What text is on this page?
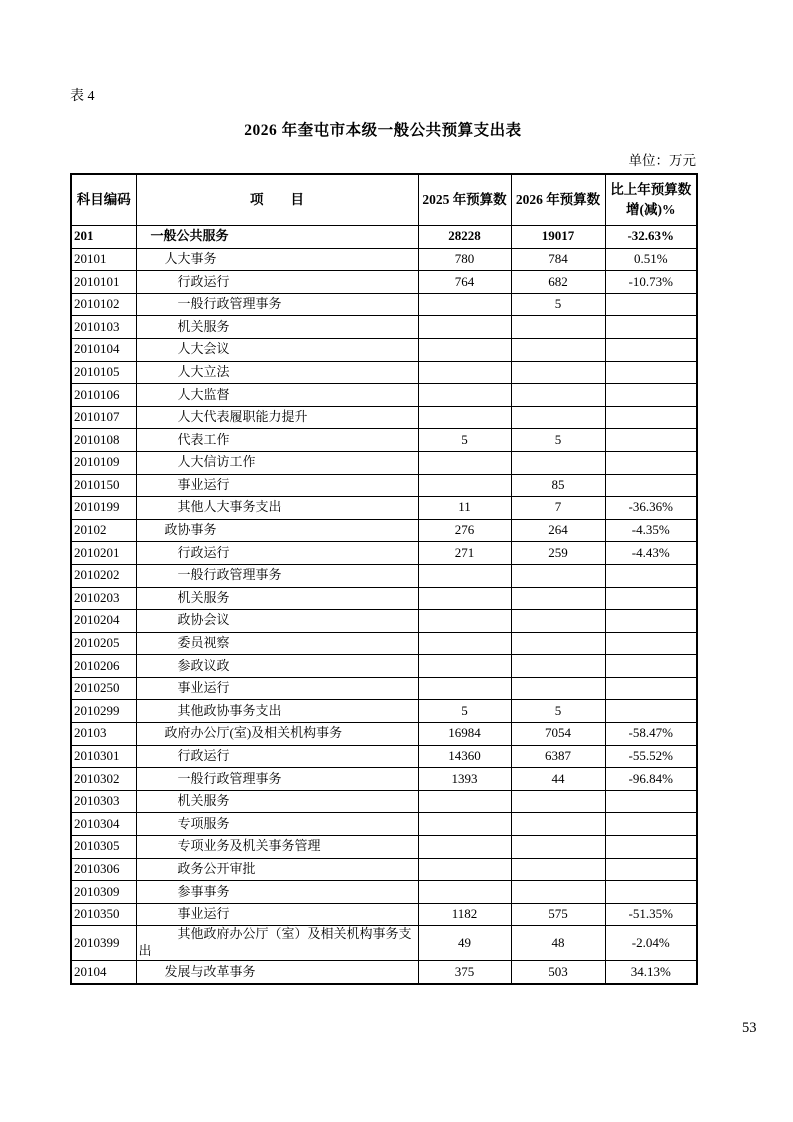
表 4
2026 年奎屯市本级一般公共预算支出表
单位：万元
科目编码	项　　目	2025 年预算数	2026 年预算数	比上年预算数增(减)%
201	一般公共服务	28228	19017	-32.63%
20101	人大事务	780	784	0.51%
2010101	行政运行	764	682	-10.73%
2010102	一般行政管理事务		5	
2010103	机关服务			
2010104	人大会议			
2010105	人大立法			
2010106	人大监督			
2010107	人大代表履职能力提升			
2010108	代表工作	5	5	
2010109	人大信访工作			
2010150	事业运行		85	
2010199	其他人大事务支出	11	7	-36.36%
20102	政协事务	276	264	-4.35%
2010201	行政运行	271	259	-4.43%
2010202	一般行政管理事务			
2010203	机关服务			
2010204	政协会议			
2010205	委员视察			
2010206	参政议政			
2010250	事业运行			
2010299	其他政协事务支出	5	5	
20103	政府办公厅(室)及相关机构事务	16984	7054	-58.47%
2010301	行政运行	14360	6387	-55.52%
2010302	一般行政管理事务	1393	44	-96.84%
2010303	机关服务			
2010304	专项服务			
2010305	专项业务及机关事务管理			
2010306	政务公开审批			
2010309	参事事务			
2010350	事业运行	1182	575	-51.35%
2010399	其他政府办公厅（室）及相关机构事务支出	49	48	-2.04%
20104	发展与改革事务	375	503	34.13%
53
